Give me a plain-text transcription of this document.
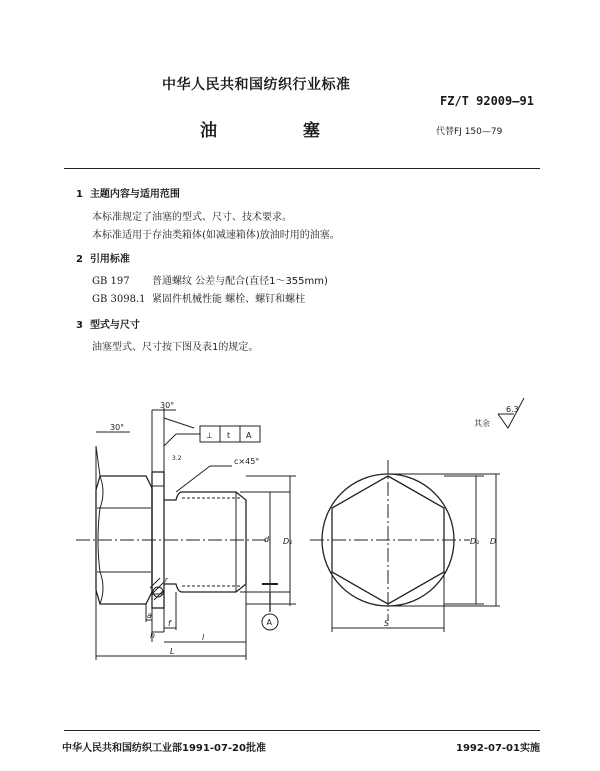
中华人民共和国纺织行业标准
FZ/T 92009—91
油 塞	代替FJ 150—79
1 主题内容与适用范围
本标准规定了油塞的型式、尺寸、技术要求。
本标准适用于存油类箱体(如减速箱体)放油时用的油塞。
2 引用标准
GB 197 普通螺纹 公差与配合(直径1～355mm)
GB 3098.1 紧固件机械性能 螺栓、螺钉和螺柱
3 型式与尺寸
油塞型式、尺寸按下图及表1的规定。
30°
30°
⊥ t A
3.2	c×45°
d D₁	D₁ D
S
a
h
f
l
L
r
A
6.3
其余
中华人民共和国纺织工业部1991-07-20批准	1992-07-01实施
